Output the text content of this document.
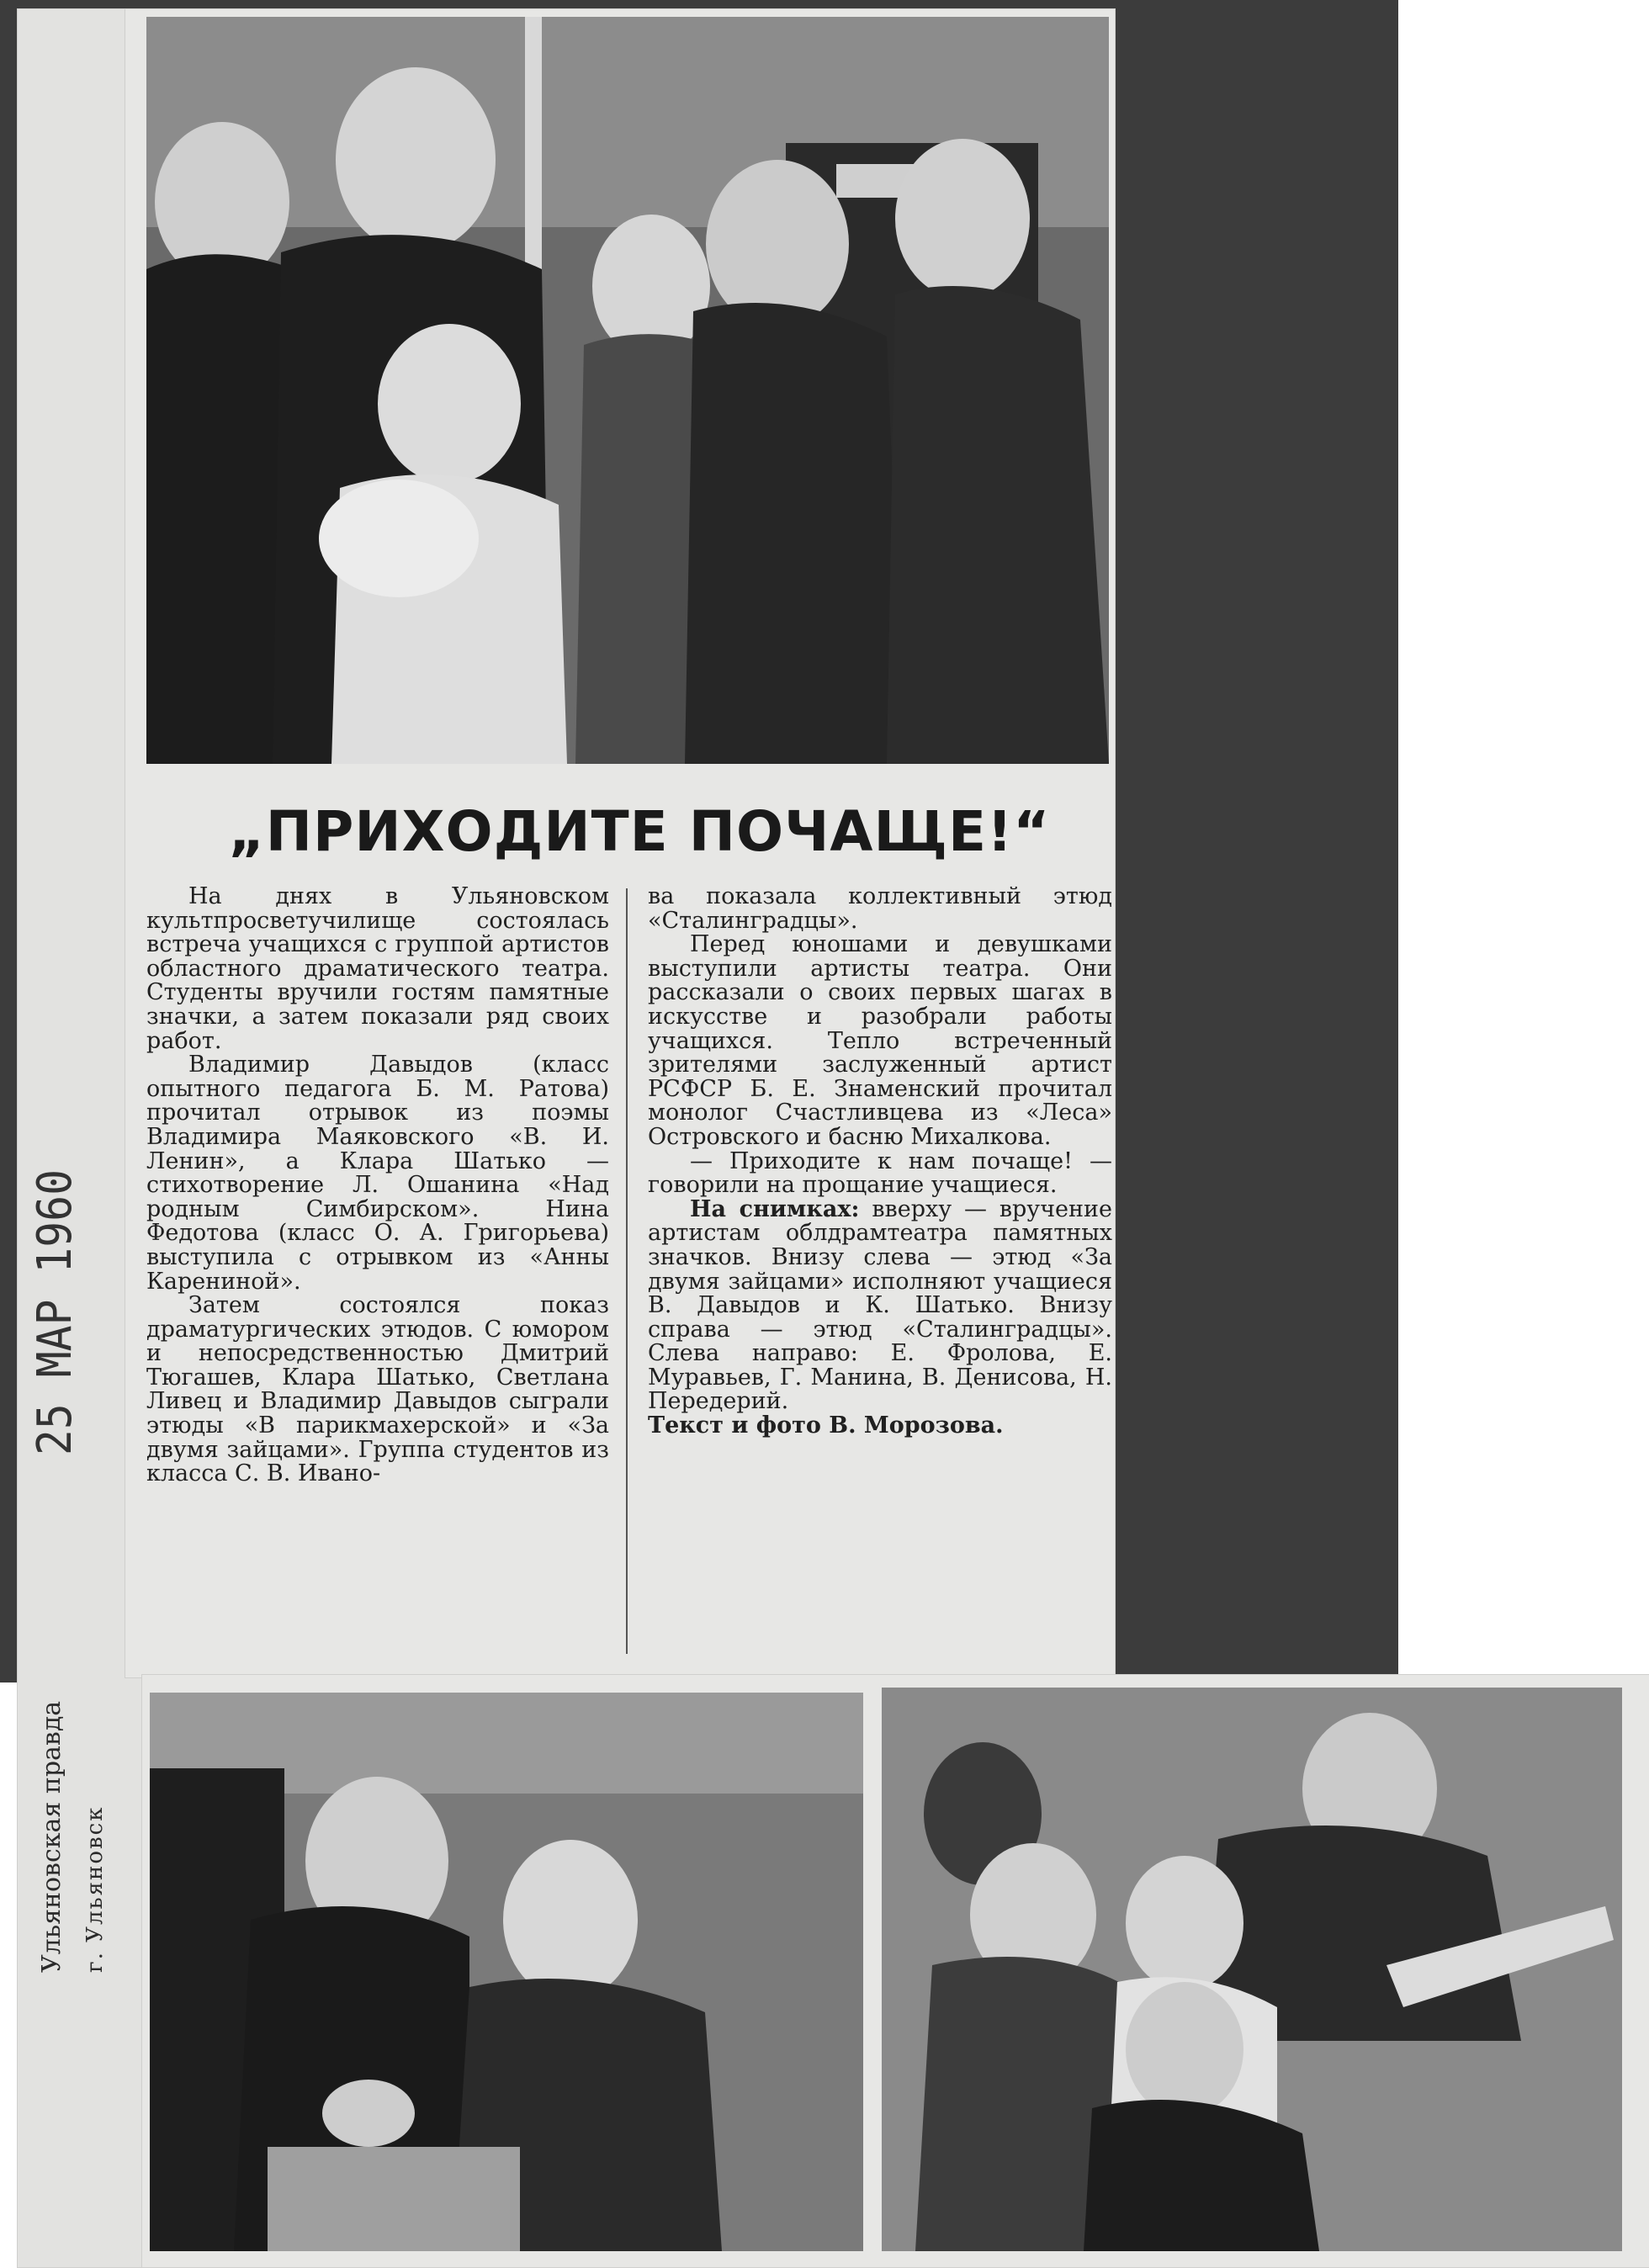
„ПРИХОДИТЕ ПОЧАЩЕ!“

На днях в Ульяновском культпросветучилище состоялась встреча учащихся с группой артистов областного драматического театра. Студенты вручили гостям памятные значки, а затем показали ряд своих работ.

Владимир Давыдов (класс опытного педагога Б. М. Ратова) прочитал отрывок из поэмы Владимира Маяковского «В. И. Ленин», а Клара Шатько — стихотворение Л. Ошанина «Над родным Симбирском». Нина Федотова (класс О. А. Григорьева) выступила с отрывком из «Анны Карениной».

Затем состоялся показ драматургических этюдов. С юмором и непосредственностью Дмитрий Тюгашев, Клара Шатько, Светлана Ливец и Владимир Давыдов сыграли этюды «В парикмахерской» и «За двумя зайцами». Группа студентов из класса С. В. Ивано-

ва показала коллективный этюд «Сталинградцы».

Перед юношами и девушками выступили артисты театра. Они рассказали о своих первых шагах в искусстве и разобрали работы учащихся. Тепло встреченный зрителями заслуженный артист РСФСР Б. Е. Знаменский прочитал монолог Счастливцева из «Леса» Островского и басню Михалкова.

— Приходите к нам почаще! — говорили на прощание учащиеся.

На снимках: вверху — вручение артистам облдрамтеатра памятных значков. Внизу слева — этюд «За двумя зайцами» исполняют учащиеся В. Давыдов и К. Шатько. Внизу справа — этюд «Сталинградцы». Слева направо: Е. Фролова, Е. Муравьев, Г. Манина, В. Денисова, Н. Передерий.

Текст и фото В. Морозова.

25 МАР 1960
Ульяновская правда г. Ульяновск
